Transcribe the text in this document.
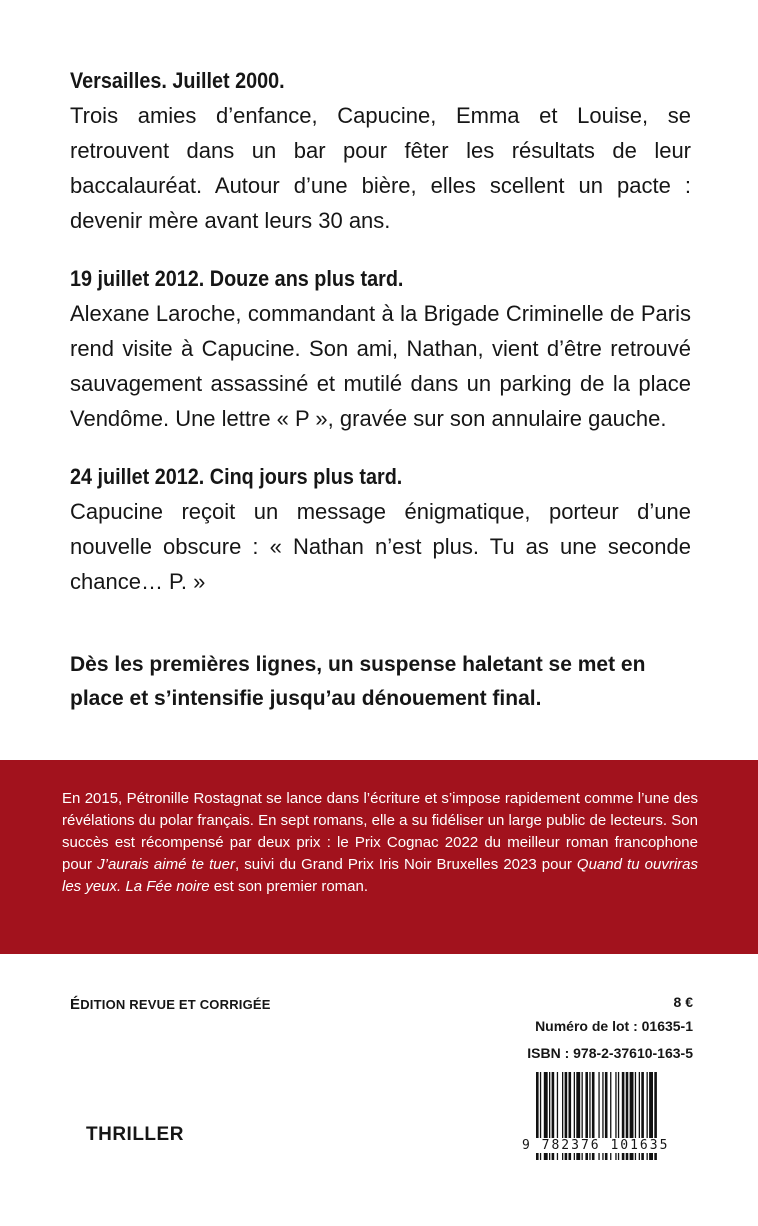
Versailles. Juillet 2000.

Trois amies d’enfance, Capucine, Emma et Louise, se retrouvent dans un bar pour fêter les résultats de leur baccalauréat. Autour d’une bière, elles scellent un pacte : devenir mère avant leurs 30 ans.

19 juillet 2012. Douze ans plus tard.

Alexane Laroche, commandant à la Brigade Criminelle de Paris rend visite à Capucine. Son ami, Nathan, vient d’être retrouvé sauvagement assassiné et mutilé dans un parking de la place Vendôme. Une lettre « P », gravée sur son annulaire gauche.

24 juillet 2012. Cinq jours plus tard.

Capucine reçoit un message énigmatique, porteur d’une nouvelle obscure : « Nathan n’est plus. Tu as une seconde chance… P. »

Dès les premières lignes, un suspense haletant se met en place et s’intensifie jusqu’au dénouement final.

En 2015, Pétronille Rostagnat se lance dans l’écriture et s’impose rapidement comme l’une des révélations du polar français. En sept romans, elle a su fidéliser un large public de lecteurs. Son succès est récompensé par deux prix : le Prix Cognac 2022 du meilleur roman francophone pour J’aurais aimé te tuer, suivi du Grand Prix Iris Noir Bruxelles 2023 pour Quand tu ouvriras les yeux. La Fée noire est son premier roman.

ÉDITION REVUE ET CORRIGÉE	8 €
Numéro de lot : 01635-1
ISBN : 978-2-37610-163-5
THRILLER
9 782376 101635
